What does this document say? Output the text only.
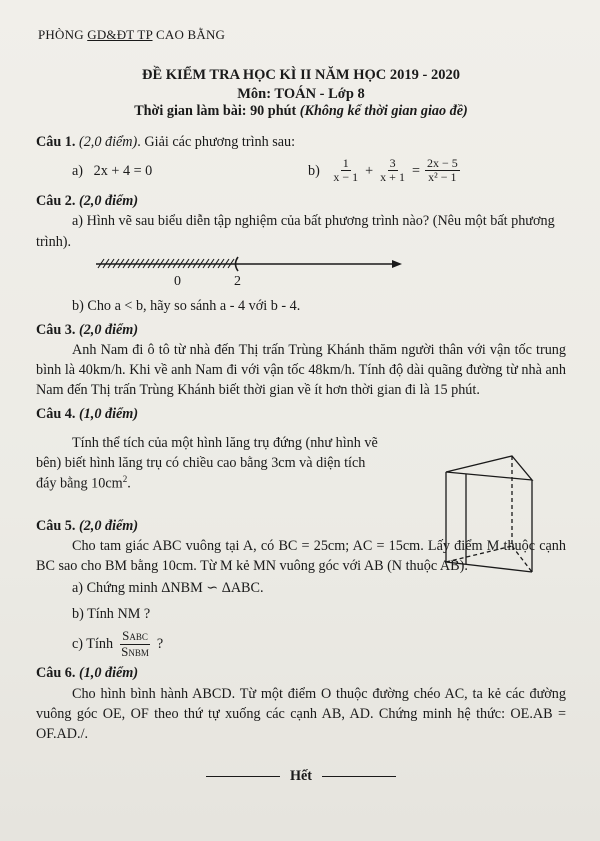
PHÒNG GD&ĐT TP CAO BẰNG
ĐỀ KIỂM TRA HỌC KÌ II NĂM HỌC 2019 - 2020
Môn: TOÁN - Lớp 8
Thời gian làm bài: 90 phút (Không kể thời gian giao đề)
Câu 1. (2,0 điểm). Giải các phương trình sau:
a) 2x + 4 = 0	b)
$\frac{1}{x - 1} + \frac{3}{x + 1} = \frac{2x - 5}{\text{x² − 1}}$
Câu 2. (2,0 điểm)
a) Hình vẽ sau biểu diễn tập nghiệm của bất phương trình nào? (Nêu một bất phương trình).
0	2
b) Cho a < b, hãy so sánh a - 4 với b - 4.
Câu 3. (2,0 điểm)
Anh Nam đi ô tô từ nhà đến Thị trấn Trùng Khánh thăm người thân với vận tốc trung bình là 40km/h. Khi về anh Nam đi với vận tốc 48km/h. Tính độ dài quãng đường từ nhà anh Nam đến Thị trấn Trùng Khánh biết thời gian về ít hơn thời gian đi là 15 phút.
Câu 4. (1,0 điểm)
Tính thể tích của một hình lăng trụ đứng (như hình vẽ bên) biết hình lăng trụ có chiều cao bằng 3cm và diện tích đáy bằng $10cm^2$.
Câu 5. (2,0 điểm)
Cho tam giác ABC vuông tại A, có BC = 25cm; AC = 15cm. Lấy điểm M thuộc cạnh BC sao cho BM bằng 10cm. Từ M kẻ MN vuông góc với AB (N thuộc AB).
a) Chứng minh ΔNBM ∽ ΔABC.
b) Tính NM ?
c) Tính $\frac{\text{SABC}}{\text{SNBM}}$ ?
Câu 6. (1,0 điểm)
Cho hình bình hành ABCD. Từ một điểm O thuộc đường chéo AC, ta kẻ các đường vuông góc OE, OF theo thứ tự xuống các cạnh AB, AD. Chứng minh hệ thức: OE.AB = OF.AD./.
Hết
